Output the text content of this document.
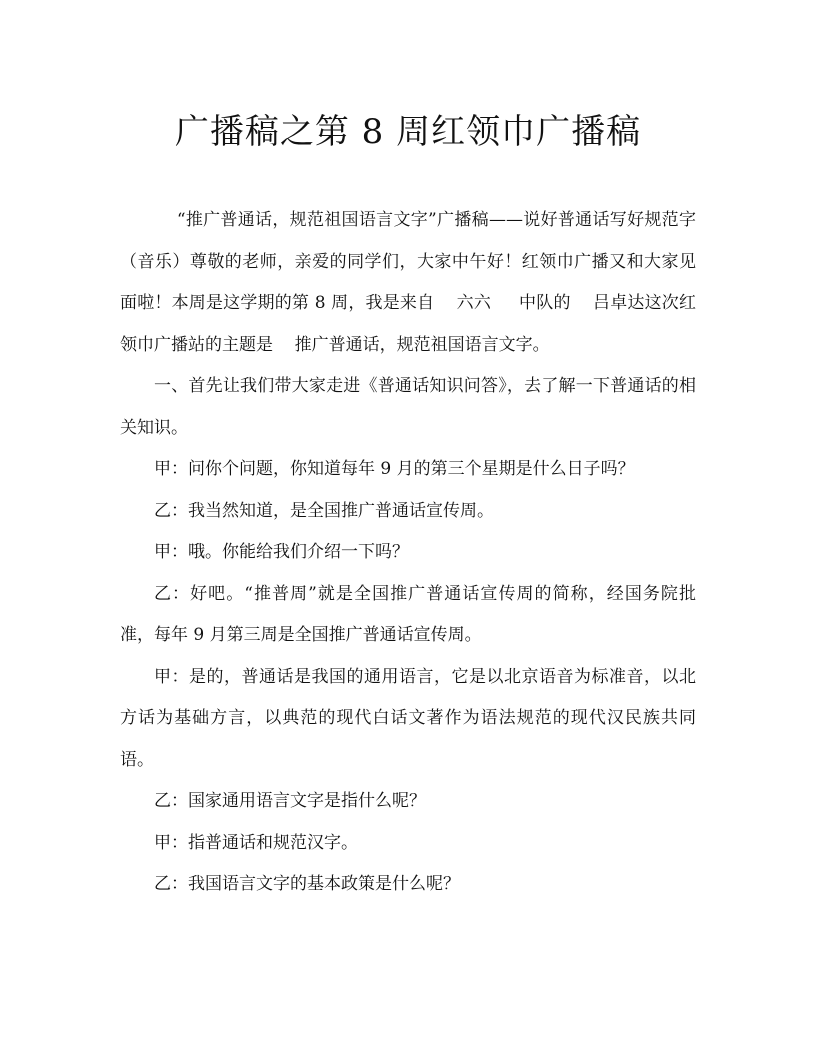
广播稿之第 8 周红领巾广播稿

“推广普通话，规范祖国语言文字”广播稿——说好普通话写好规范字（音乐）尊敬的老师，亲爱的同学们，大家中午好！红领巾广播又和大家见面啦！本周是这学期的第 8 周，我是来自    六六     中队的    吕卓达这次红领巾广播站的主题是    推广普通话，规范祖国语言文字。

一、首先让我们带大家走进《普通话知识问答》，去了解一下普通话的相关知识。

甲：问你个问题，你知道每年 9 月的第三个星期是什么日子吗？

乙：我当然知道，是全国推广普通话宣传周。

甲：哦。你能给我们介绍一下吗？

乙：好吧。“推普周”就是全国推广普通话宣传周的简称，经国务院批准，每年 9 月第三周是全国推广普通话宣传周。

甲：是的，普通话是我国的通用语言，它是以北京语音为标准音，以北方话为基础方言，以典范的现代白话文著作为语法规范的现代汉民族共同语。

乙：国家通用语言文字是指什么呢？

甲：指普通话和规范汉字。

乙：我国语言文字的基本政策是什么呢？
